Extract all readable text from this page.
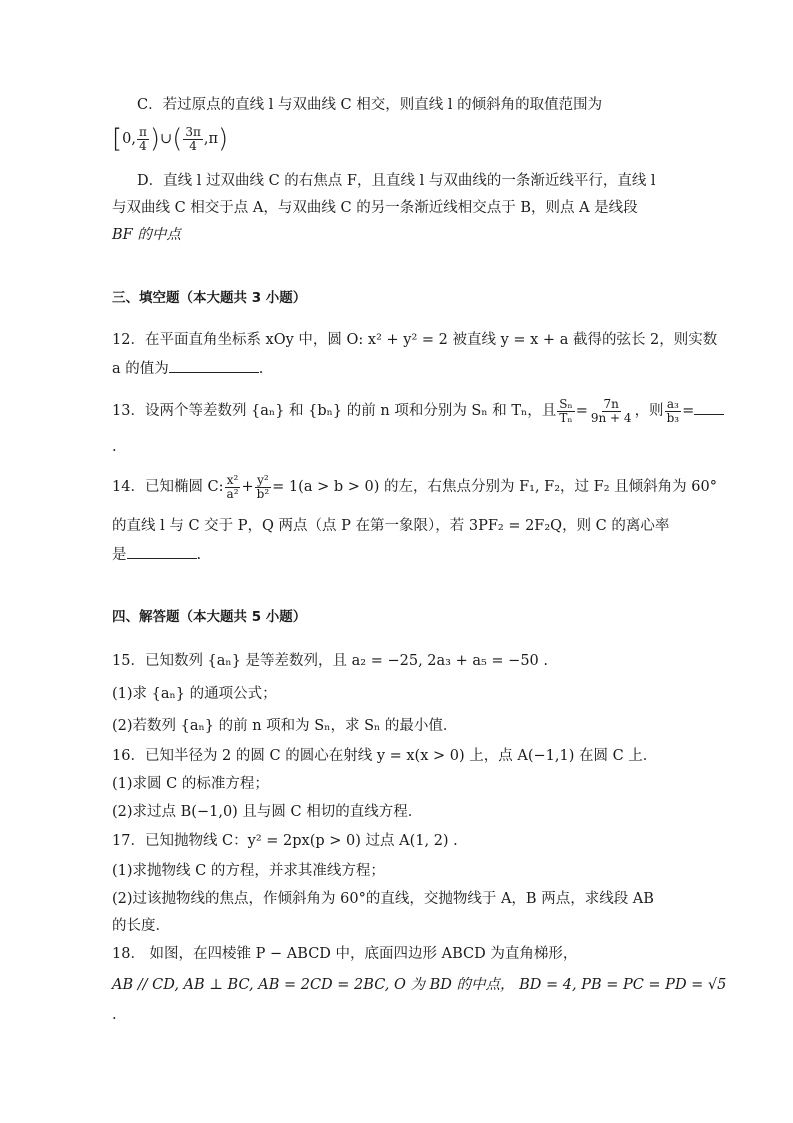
C．若过原点的直线 l 与双曲线 C 相交，则直线 l 的倾斜角的取值范围为
[0, $\frac{\pi}{4}$ )∪( $\frac{3\pi}{4} ,\pi$)
D．直线 l 过双曲线 C 的右焦点 F，且直线 l 与双曲线的一条渐近线平行，直线 l
与双曲线 C 相交于点 A，与双曲线 C 的另一条渐近线相交点于 B，则点 A 是线段
BF 的中点
三、填空题（本大题共 3 小题）
12．在平面直角坐标系 xOy 中，圆 O: x² + y² = 2 被直线 y = x + a 截得的弦长 2，则实数
a 的值为	.
13．设两个等差数列 {aₙ} 和 {bₙ} 的前 n 项和分别为 Sₙ 和 Tₙ，且 $\frac{\text{Sₙ}}{\text{Tₙ}} = \frac{7n}{9n + 4}$ ，则 $\frac{\text{a₃}}{\text{b₃}}$ =
.
14．已知椭圆 C: $\frac{\text{x²}}{\text{a²}} + \frac{\text{y²}}{\text{b²}} = 1(a > b > 0)$ 的左，右焦点分别为 F₁, F₂，过 F₂ 且倾斜角为 60°
的直线 l 与 C 交于 P，Q 两点（点 P 在第一象限），若 3PF₂ = 2F₂Q，则 C 的离心率
是	.
四、解答题（本大题共 5 小题）
15．已知数列 {aₙ} 是等差数列，且 a₂ = −25, 2a₃ + a₅ = −50 .
(1)求 {aₙ} 的通项公式；
(2)若数列 {aₙ} 的前 n 项和为 Sₙ，求 Sₙ 的最小值．
16．已知半径为 2 的圆 C 的圆心在射线 y = x(x > 0) 上，点 A(−1,1) 在圆 C 上．
(1)求圆 C 的标准方程；
(2)求过点 B(−1,0) 且与圆 C 相切的直线方程．
17．已知抛物线 C：y² = 2px(p > 0) 过点 A(1, 2) .
(1)求抛物线 C 的方程，并求其准线方程；
(2)过该抛物线的焦点，作倾斜角为 60°的直线，交抛物线于 A，B 两点，求线段 AB
的长度．
18． 如图，在四棱锥 P − ABCD 中，底面四边形 ABCD 为直角梯形，
AB // CD, AB ⊥ BC, AB = 2CD = 2BC, O 为 BD 的中点， BD = 4, PB = PC = PD = √5
.
